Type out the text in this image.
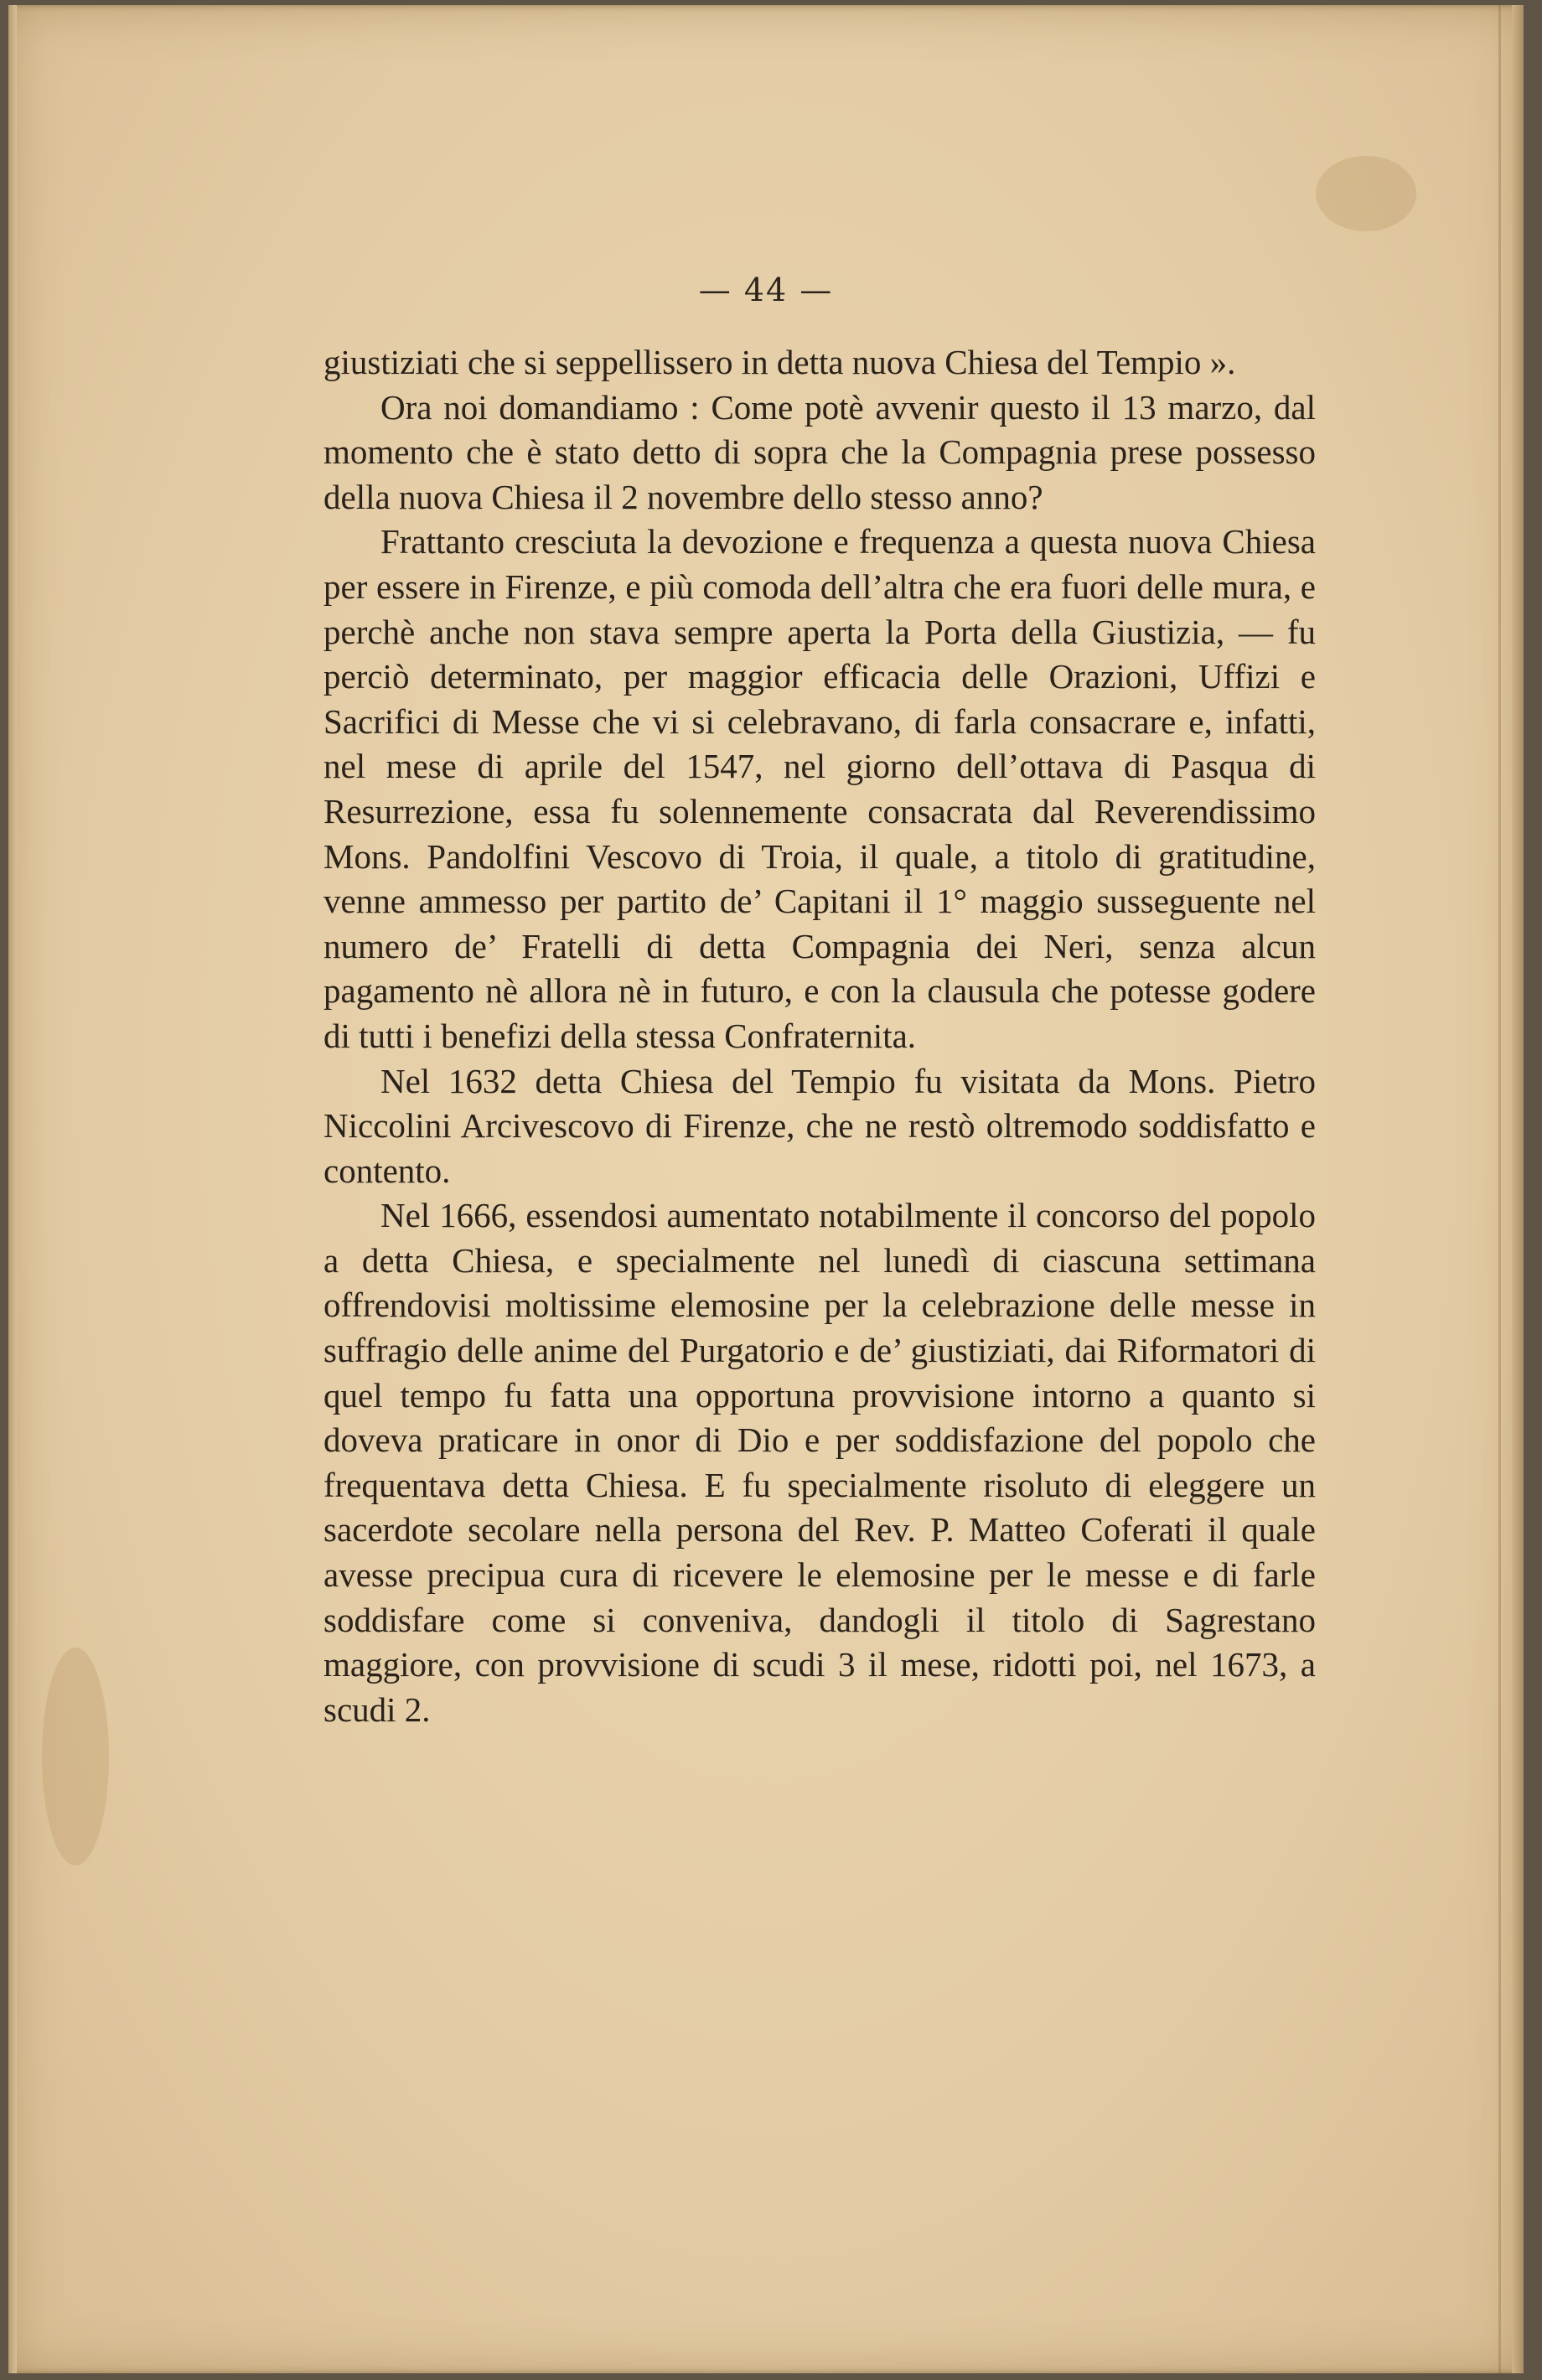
— 44 —

giustiziati che si seppellissero in detta nuova Chiesa del Tempio ».

Ora noi domandiamo : Come potè avvenir questo il 13 marzo, dal momento che è stato detto di sopra che la Compagnia prese possesso della nuova Chiesa il 2 novembre dello stesso anno?

Frattanto cresciuta la devozione e frequenza a questa nuova Chiesa per essere in Firenze, e più comoda dell’altra che era fuori delle mura, e perchè anche non stava sempre aperta la Porta della Giustizia, — fu perciò determinato, per maggior efficacia delle Orazioni, Uffizi e Sacrifici di Messe che vi si celebravano, di farla consacrare e, infatti, nel mese di aprile del 1547, nel giorno dell’ottava di Pasqua di Resurrezione, essa fu solennemente consacrata dal Reverendissimo Mons. Pandolfini Vescovo di Troia, il quale, a titolo di gratitudine, venne ammesso per partito de’ Capitani il 1° maggio susseguente nel numero de’ Fratelli di detta Compagnia dei Neri, senza alcun pagamento nè allora nè in futuro, e con la clausula che potesse godere di tutti i benefizi della stessa Confraternita.

Nel 1632 detta Chiesa del Tempio fu visitata da Mons. Pietro Niccolini Arcivescovo di Firenze, che ne restò oltremodo soddisfatto e contento.

Nel 1666, essendosi aumentato notabilmente il concorso del popolo a detta Chiesa, e specialmente nel lunedì di ciascuna settimana offrendovisi moltissime elemosine per la celebrazione delle messe in suffragio delle anime del Purgatorio e de’ giustiziati, dai Riformatori di quel tempo fu fatta una opportuna provvisione intorno a quanto si doveva praticare in onor di Dio e per soddisfazione del popolo che frequentava detta Chiesa. E fu specialmente risoluto di eleggere un sacerdote secolare nella persona del Rev. P. Matteo Coferati il quale avesse precipua cura di ricevere le elemosine per le messe e di farle soddisfare come si conveniva, dandogli il titolo di Sagrestano maggiore, con provvisione di scudi 3 il mese, ridotti poi, nel 1673, a scudi 2.
